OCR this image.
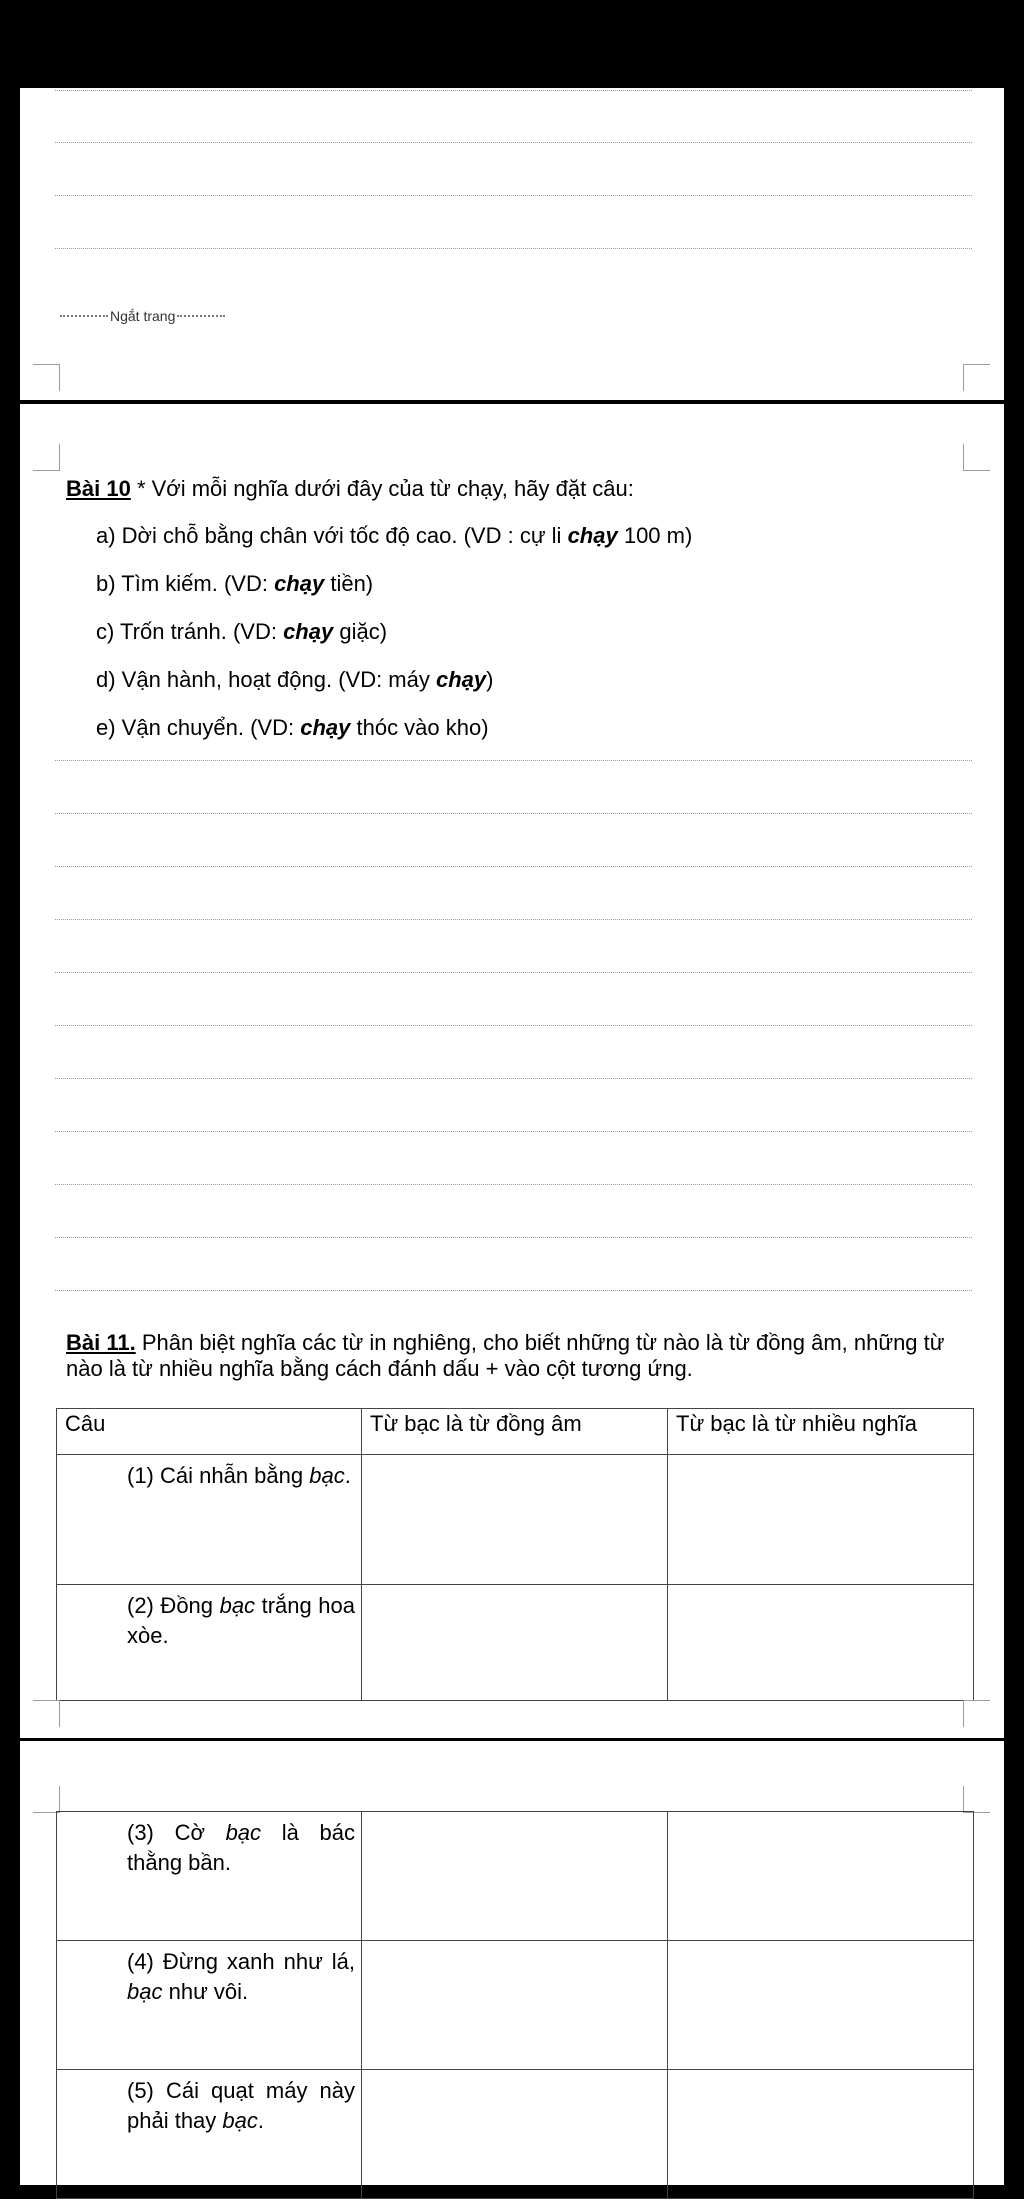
Ngắt trang
Bài 10 * Với mỗi nghĩa dưới đây của từ chạy, hãy đặt câu:
a) Dời chỗ bằng chân với tốc độ cao. (VD : cự li chạy 100 m)
b) Tìm kiếm. (VD: chạy tiền)
c) Trốn tránh. (VD: chạy giặc)
d) Vận hành, hoạt động. (VD: máy chạy)
e) Vận chuyển. (VD: chạy thóc vào kho)
Bài 11. Phân biệt nghĩa các từ in nghiêng, cho biết những từ nào là từ đồng âm, những từ nào là từ nhiều nghĩa bằng cách đánh dấu + vào cột tương ứng.
Câu	Từ bạc là từ đồng âm	Từ bạc là từ nhiều nghĩa
(1) Cái nhẫn bằng bạc.		
(2) Đồng bạc trắng hoa xòe.		
(3) Cờ bạc là bác thằng bần.		
(4) Đừng xanh như lá, bạc như vôi.		
(5) Cái quạt máy này phải thay bạc.		
